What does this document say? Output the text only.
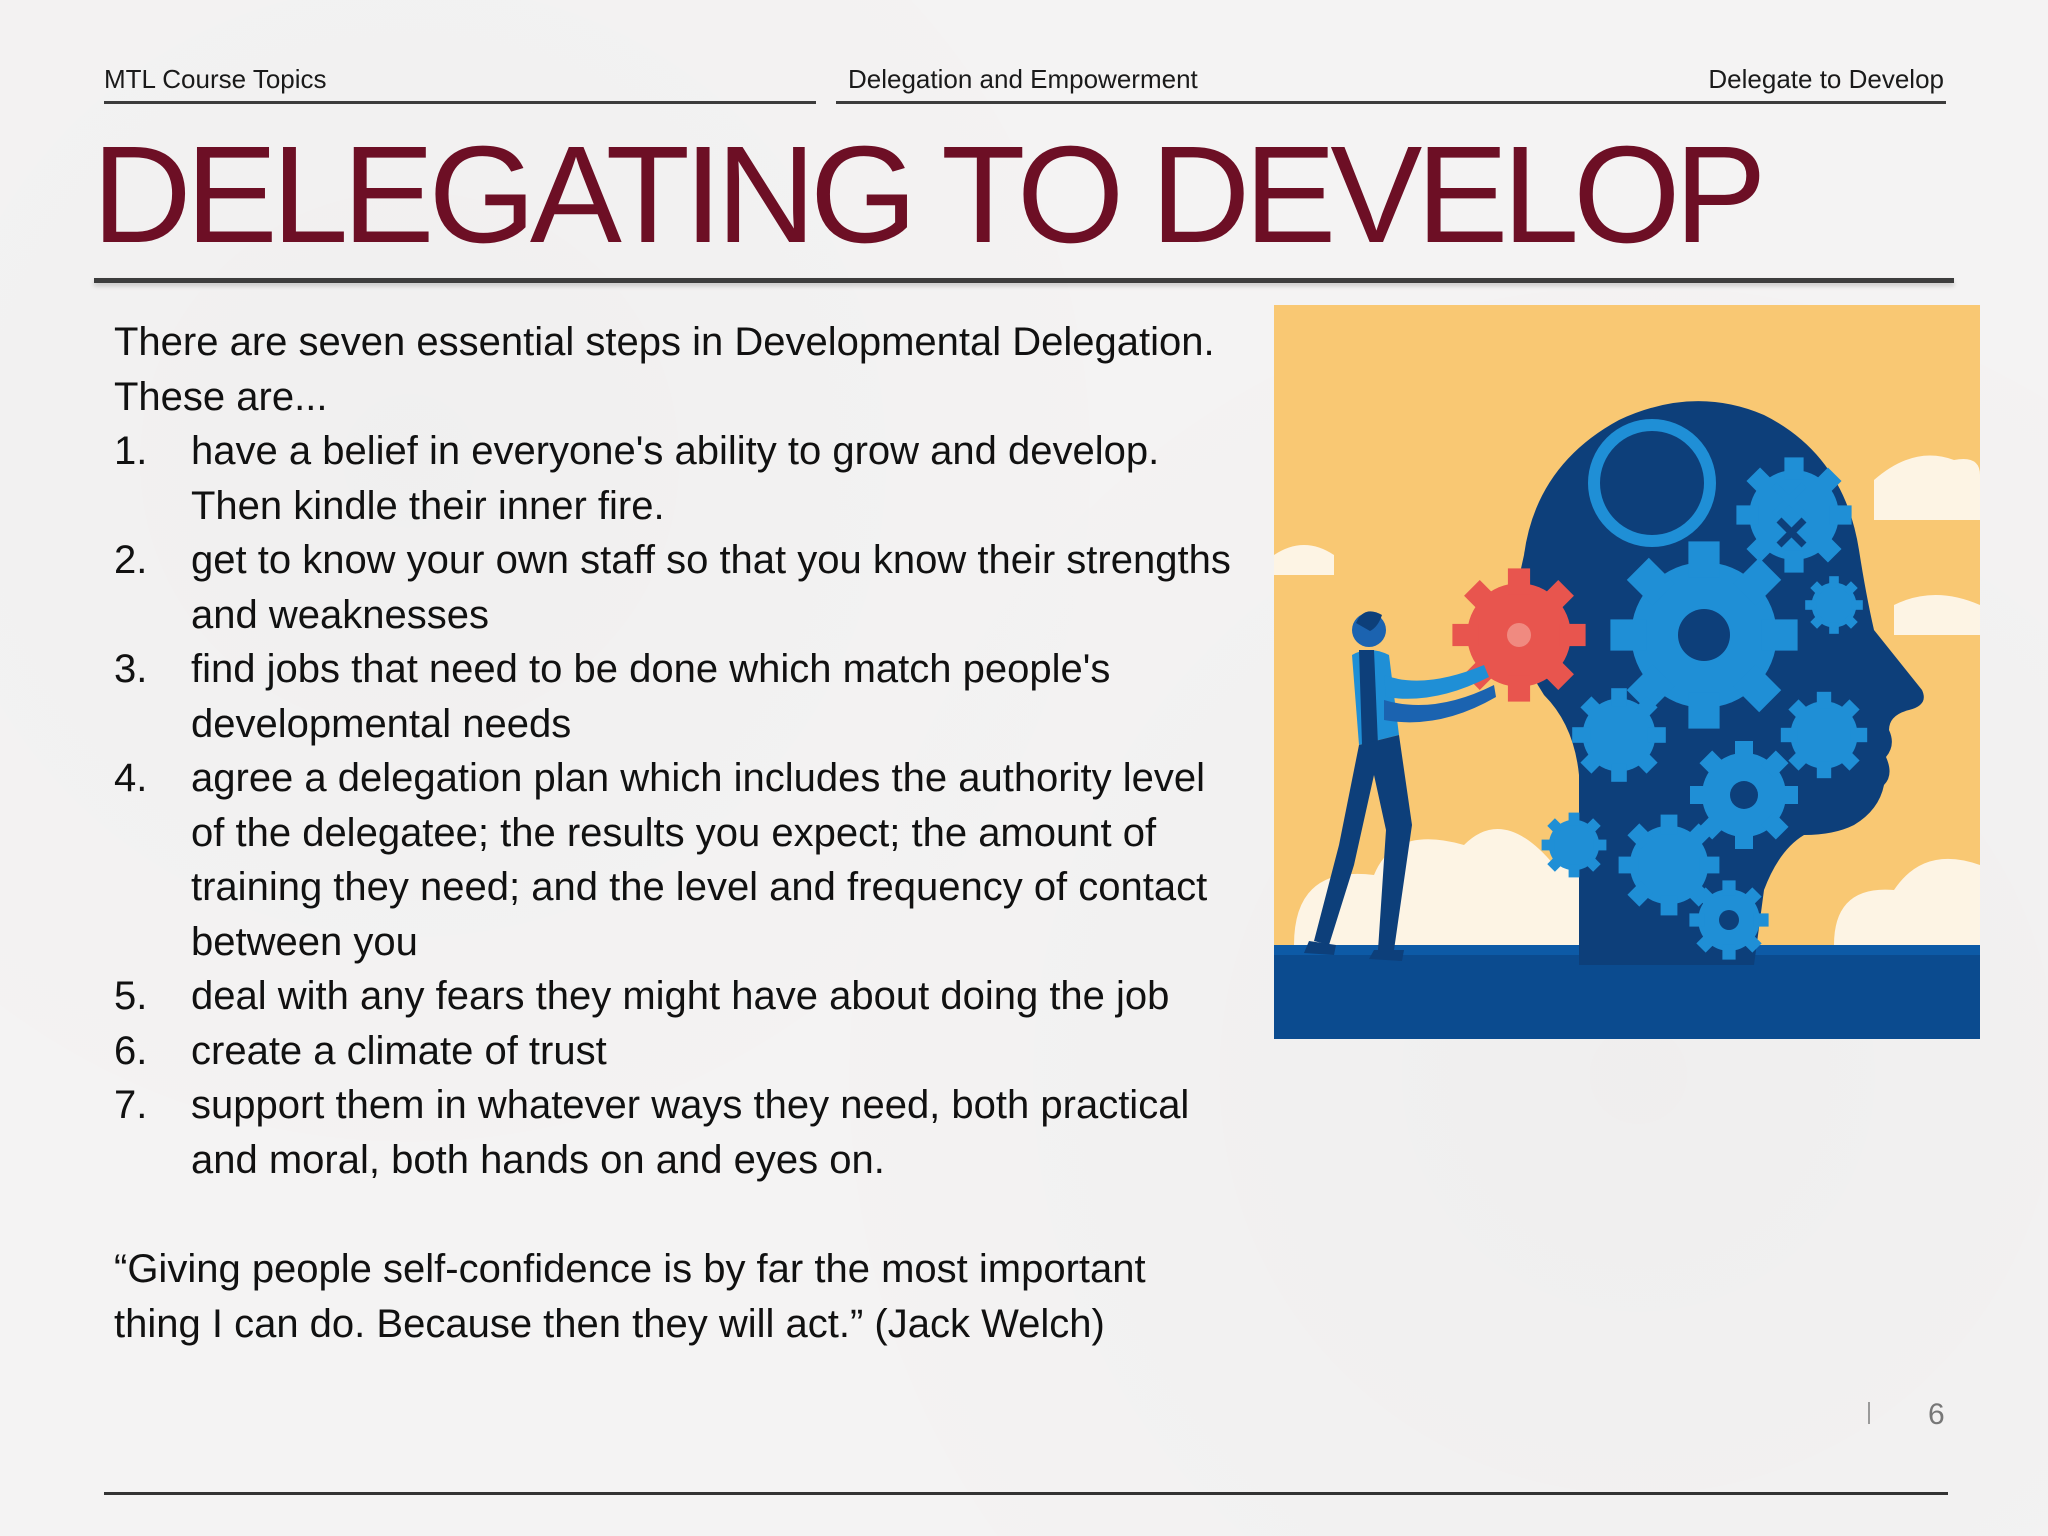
MTL Course Topics	Delegation and Empowerment	Delegate to Develop
DELEGATING TO DEVELOP

There are seven essential steps in Developmental Delegation. These are...

1. have a belief in everyone's ability to grow and develop. Then kindle their inner fire.
2. get to know your own staff so that you know their strengths and weaknesses
3. find jobs that need to be done which match people's developmental needs
4. agree a delegation plan which includes the authority level of the delegatee; the results you expect; the amount of training they need; and the level and frequency of contact between you
5. deal with any fears they might have about doing the job
6. create a climate of trust
7. support them in whatever ways they need, both practical and moral, both hands on and eyes on.

“Giving people self-confidence is by far the most important thing I can do. Because then they will act.” (Jack Welch)

6
